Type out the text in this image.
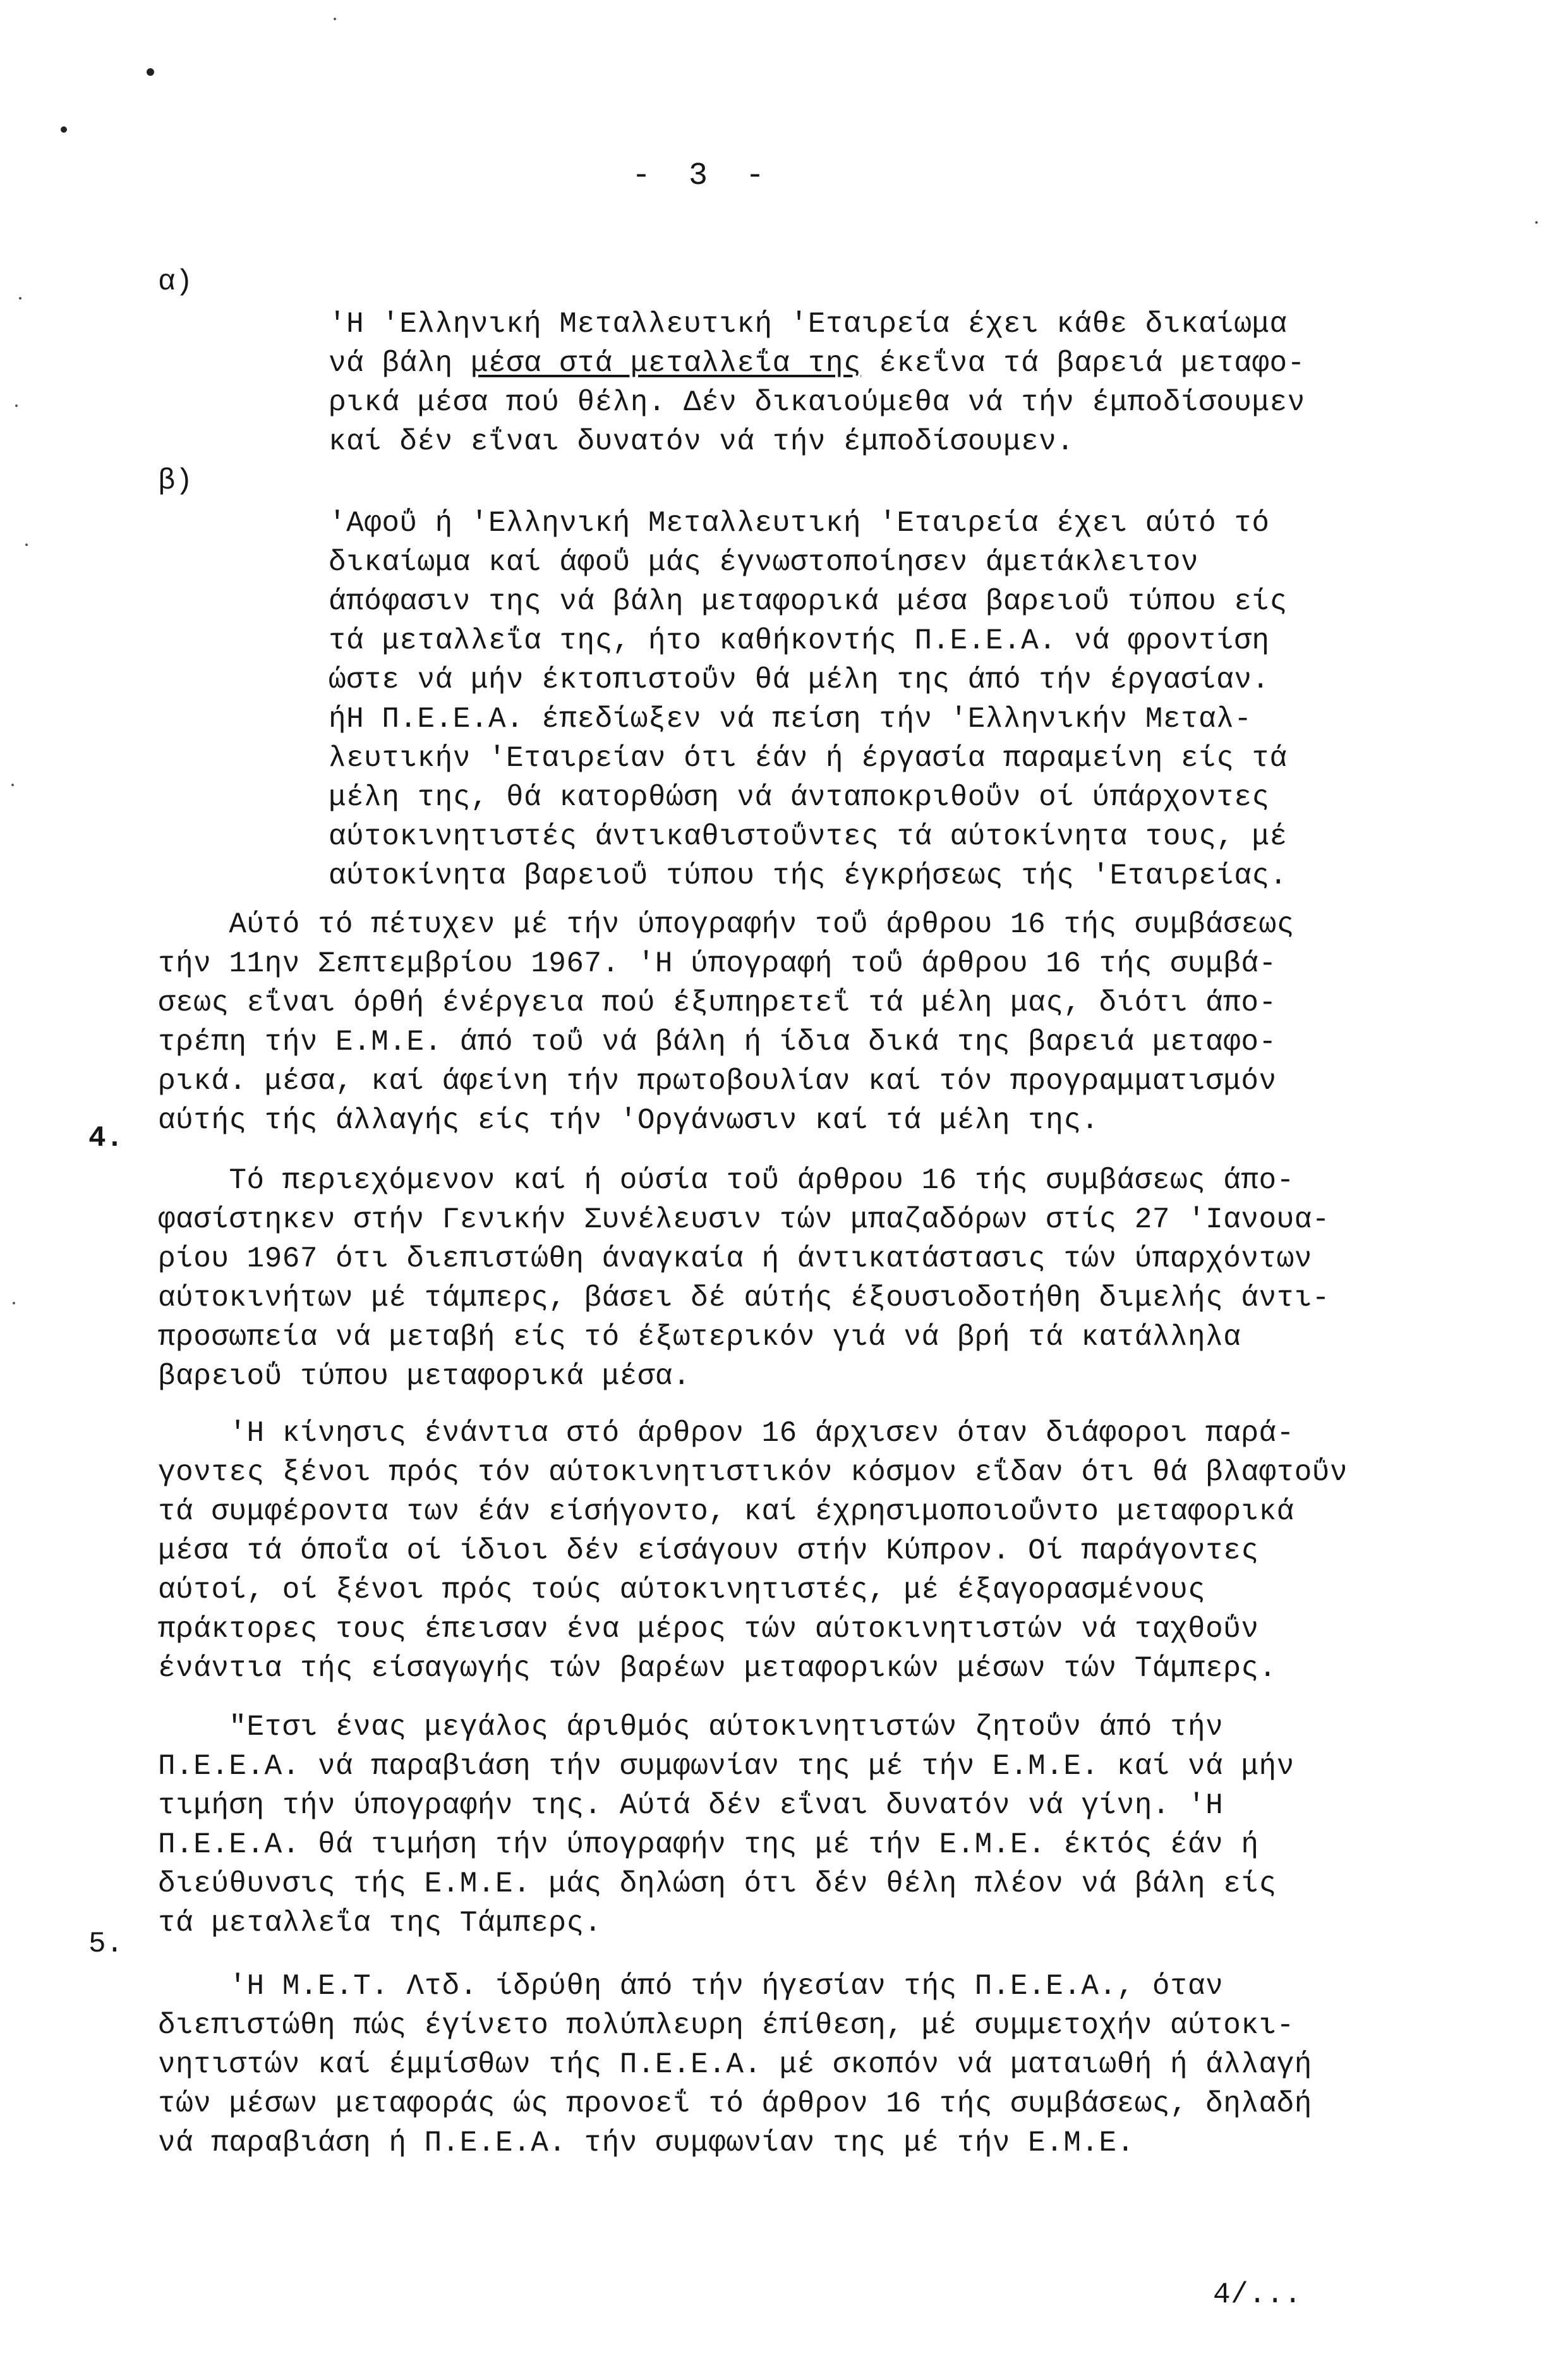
-  3  -
α)

'Η 'Ελληνική Μεταλλευτική 'Εταιρεία έχει κάθε δικαίωμα
νά βάλη μέσα στά μεταλλεΐα της έκεΐνα τά βαρειά μεταφο-
ρικά μέσα πού θέλη. Δέν δικαιούμεθα νά τήν έμποδίσουμεν
καί δέν εΐναι δυνατόν νά τήν έμποδίσουμεν.
β)

'Αφοΰ ή 'Ελληνική Μεταλλευτική 'Εταιρεία έχει αύτό τό
δικαίωμα καί άφοΰ μάς έγνωστοποίησεν άμετάκλειτον
άπόφασιν της νά βάλη μεταφορικά μέσα βαρειοΰ τύπου είς
τά μεταλλεΐα της, ήτο καθήκοντής Π.Ε.Ε.Α. νά φροντίση
ώστε νά μήν έκτοπιστοΰν θά μέλη της άπό τήν έργασίαν.
ήΗ Π.Ε.Ε.Α. έπεδίωξεν νά πείση τήν 'Ελληνικήν Μεταλ-
λευτικήν 'Εταιρείαν ότι έάν ή έργασία παραμείνη είς τά
μέλη της, θά κατορθώση νά άνταποκριθοΰν οί ύπάρχοντες
αύτοκινητιστές άντικαθιστοΰντες τά αύτοκίνητα τους, μέ
αύτοκίνητα βαρειοΰ τύπου τής έγκρήσεως τής 'Εταιρείας.

Αύτό τό πέτυχεν μέ τήν ύπογραφήν τοΰ άρθρου 16 τής συμβάσεως
τήν 11ην Σεπτεμβρίου 1967. 'Η ύπογραφή τοΰ άρθρου 16 τής συμβά-
σεως εΐναι όρθή ένέργεια πού έξυπηρετεΐ τά μέλη μας, διότι άπο-
τρέπη τήν Ε.Μ.Ε. άπό τοΰ νά βάλη ή ίδια δικά της βαρειά μεταφο-
ρικά. μέσα, καί άφείνη τήν πρωτοβουλίαν καί τόν προγραμματισμόν
αύτής τής άλλαγής είς τήν 'Οργάνωσιν καί τά μέλη της.
4.

Τό περιεχόμενον καί ή ούσία τοΰ άρθρου 16 τής συμβάσεως άπο-
φασίστηκεν στήν Γενικήν Συνέλευσιν τών μπαζαδόρων στίς 27 'Ιανουα-
ρίου 1967 ότι διεπιστώθη άναγκαία ή άντικατάστασις τών ύπαρχόντων
αύτοκινήτων μέ τάμπερς, βάσει δέ αύτής έξουσιοδοτήθη διμελής άντι-
προσωπεία νά μεταβή είς τό έξωτερικόν γιά νά βρή τά κατάλληλα
βαρειοΰ τύπου μεταφορικά μέσα.

'Η κίνησις ένάντια στό άρθρον 16 άρχισεν όταν διάφοροι παρά-
γοντες ξένοι πρός τόν αύτοκινητιστικόν κόσμον εΐδαν ότι θά βλαφτοΰν
τά συμφέροντα των έάν είσήγοντο, καί έχρησιμοποιοΰντο μεταφορικά
μέσα τά όποΐα οί ίδιοι δέν είσάγουν στήν Κύπρον. Οί παράγοντες
αύτοί, οί ξένοι πρός τούς αύτοκινητιστές, μέ έξαγορασμένους
πράκτορες τους έπεισαν ένα μέρος τών αύτοκινητιστών νά ταχθοΰν
ένάντια τής είσαγωγής τών βαρέων μεταφορικών μέσων τών Τάμπερς.

"Ετσι ένας μεγάλος άριθμός αύτοκινητιστών ζητοΰν άπό τήν
Π.Ε.Ε.Α. νά παραβιάση τήν συμφωνίαν της μέ τήν Ε.Μ.Ε. καί νά μήν
τιμήση τήν ύπογραφήν της. Αύτά δέν εΐναι δυνατόν νά γίνη. 'Η
Π.Ε.Ε.Α. θά τιμήση τήν ύπογραφήν της μέ τήν Ε.Μ.Ε. έκτός έάν ή
διεύθυνσις τής Ε.Μ.Ε. μάς δηλώση ότι δέν θέλη πλέον νά βάλη είς
τά μεταλλεΐα της Τάμπερς.

5.

'Η Μ.Ε.Τ. Λτδ. ίδρύθη άπό τήν ήγεσίαν τής Π.Ε.Ε.Α., όταν
διεπιστώθη πώς έγίνετο πολύπλευρη έπίθεση, μέ συμμετοχήν αύτοκι-
νητιστών καί έμμίσθων τής Π.Ε.Ε.Α. μέ σκοπόν νά ματαιωθή ή άλλαγή
τών μέσων μεταφοράς ώς προνοεΐ τό άρθρον 16 τής συμβάσεως, δηλαδή
νά παραβιάση ή Π.Ε.Ε.Α. τήν συμφωνίαν της μέ τήν Ε.Μ.Ε.

4/...
